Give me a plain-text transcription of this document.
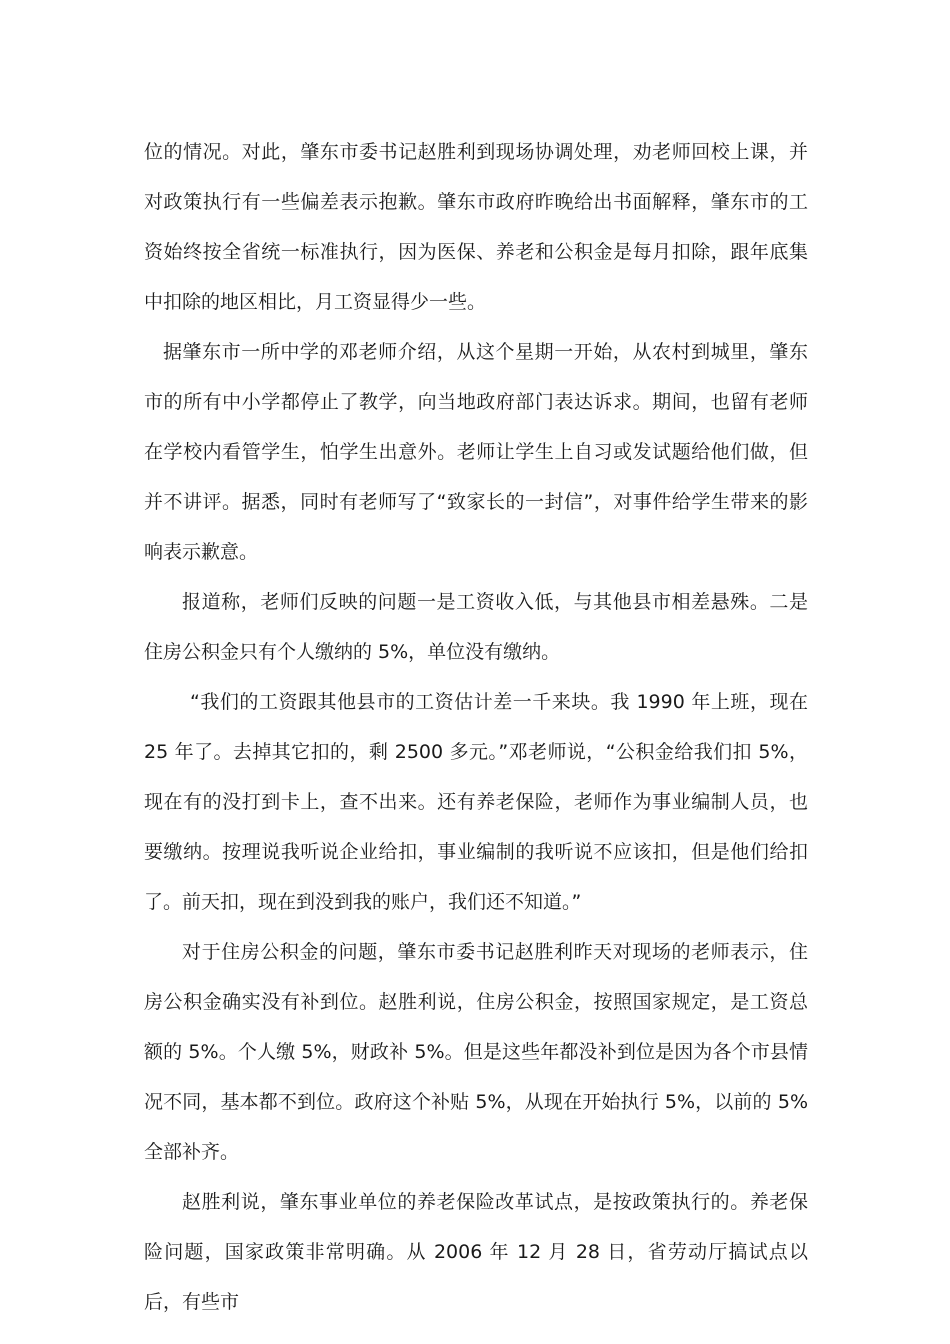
位的情况。对此，肇东市委书记赵胜利到现场协调处理，劝老师回校上课，并对政策执行有一些偏差表示抱歉。肇东市政府昨晚给出书面解释，肇东市的工资始终按全省统一标准执行，因为医保、养老和公积金是每月扣除，跟年底集中扣除的地区相比，月工资显得少一些。

据肇东市一所中学的邓老师介绍，从这个星期一开始，从农村到城里，肇东市的所有中小学都停止了教学，向当地政府部门表达诉求。期间，也留有老师在学校内看管学生，怕学生出意外。老师让学生上自习或发试题给他们做，但并不讲评。据悉，同时有老师写了“致家长的一封信”，对事件给学生带来的影响表示歉意。

报道称，老师们反映的问题一是工资收入低，与其他县市相差悬殊。二是住房公积金只有个人缴纳的 5%，单位没有缴纳。

“我们的工资跟其他县市的工资估计差一千来块。我 1990 年上班，现在 25 年了。去掉其它扣的，剩 2500 多元。”邓老师说，“公积金给我们扣 5%，现在有的没打到卡上，查不出来。还有养老保险，老师作为事业编制人员，也要缴纳。按理说我听说企业给扣，事业编制的我听说不应该扣，但是他们给扣了。前天扣，现在到没到我的账户，我们还不知道。”

对于住房公积金的问题，肇东市委书记赵胜利昨天对现场的老师表示，住房公积金确实没有补到位。赵胜利说，住房公积金，按照国家规定，是工资总额的 5%。个人缴 5%，财政补 5%。但是这些年都没补到位是因为各个市县情况不同，基本都不到位。政府这个补贴 5%，从现在开始执行 5%，以前的 5%全部补齐。

赵胜利说，肇东事业单位的养老保险改革试点，是按政策执行的。养老保险问题，国家政策非常明确。从 2006 年 12 月 28 日，省劳动厅搞试点以后，有些市
